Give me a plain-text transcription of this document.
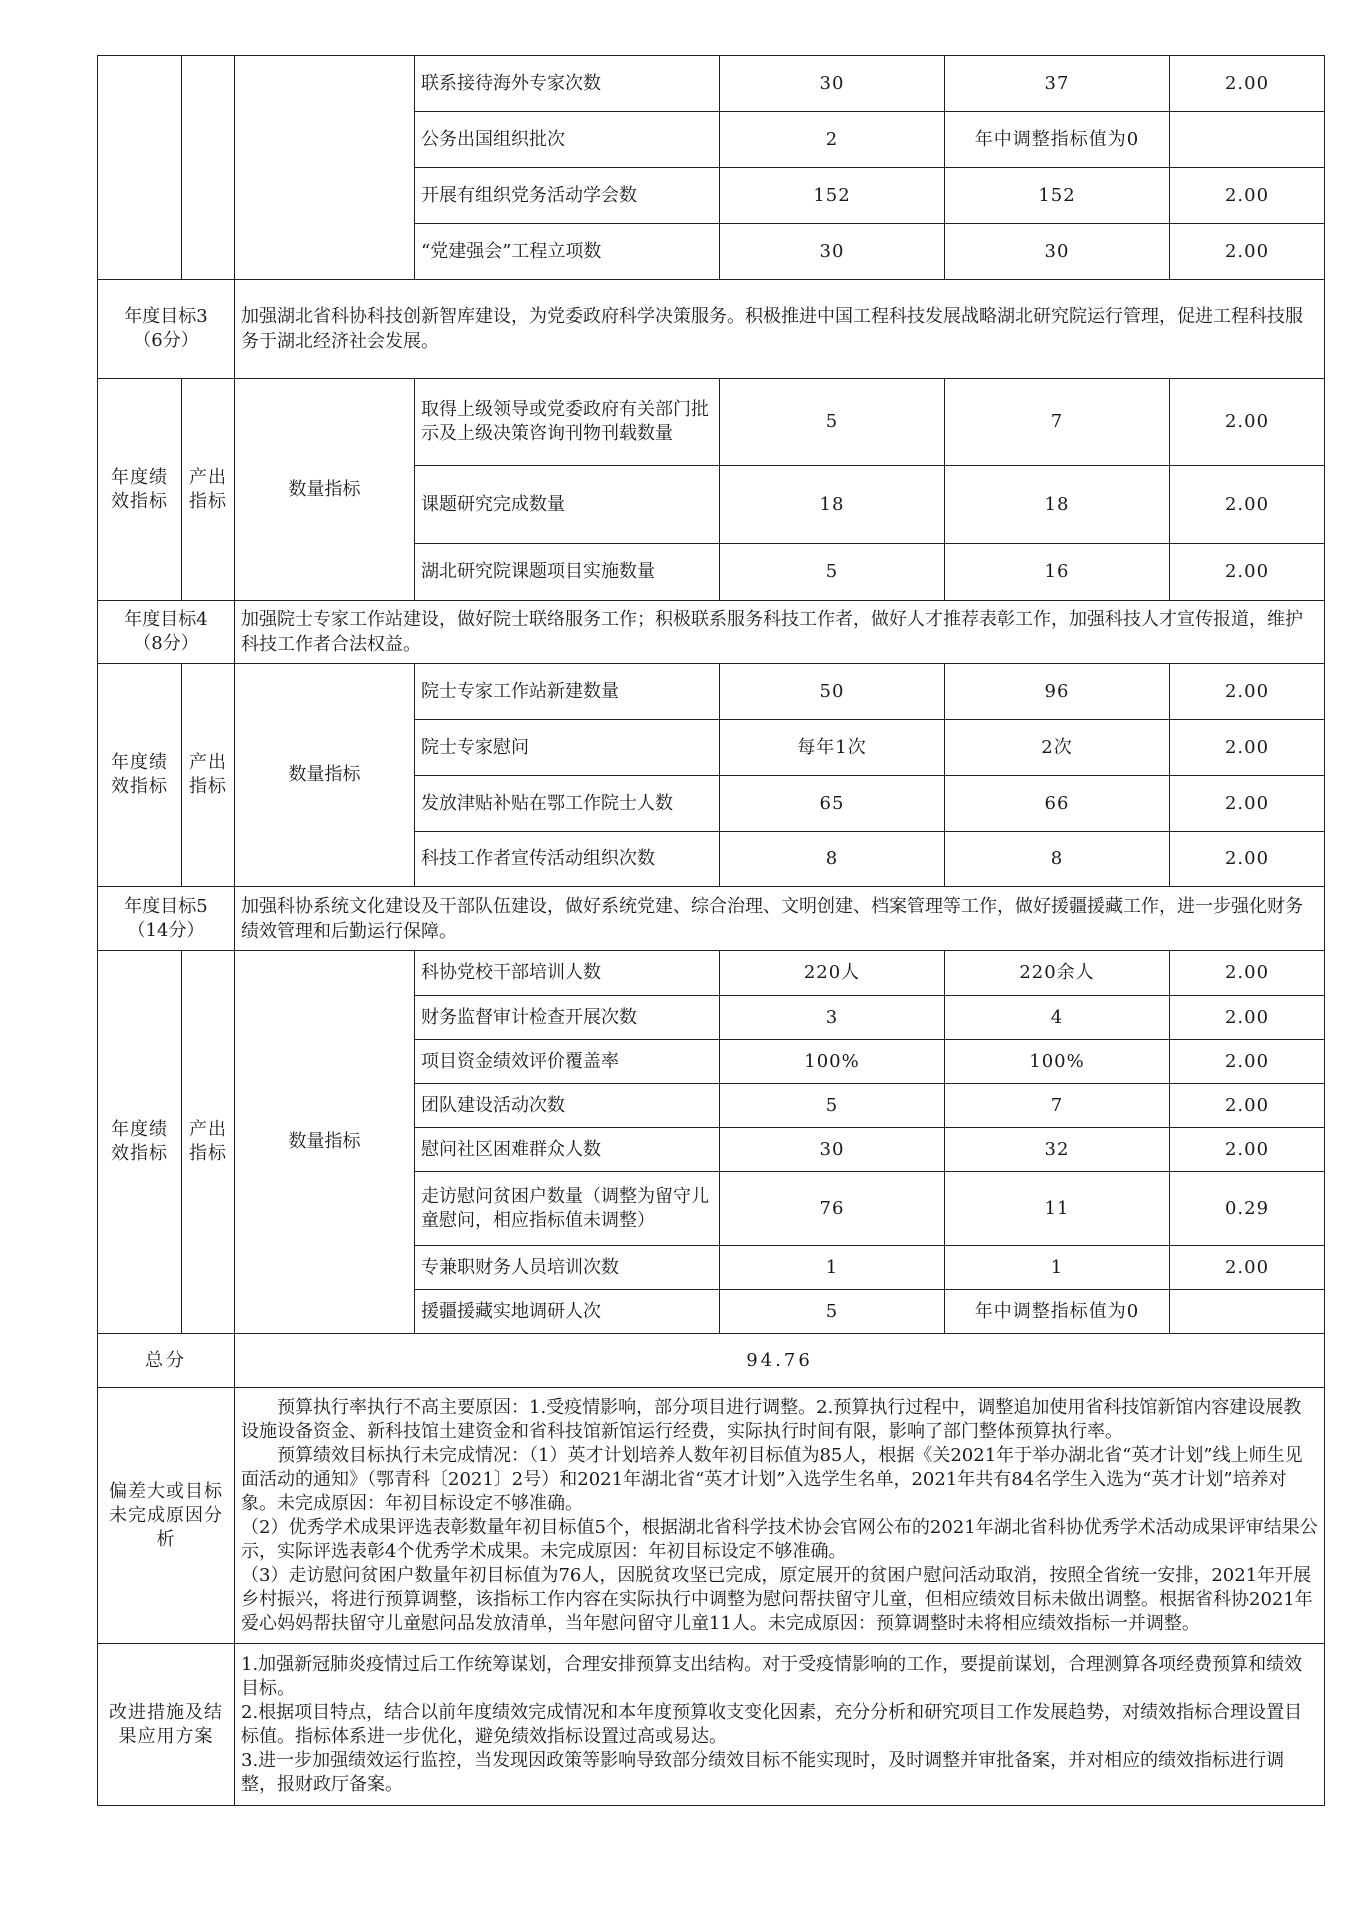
			联系接待海外专家次数	30	37	2.00
			公务出国组织批次	2	年中调整指标值为0	
			开展有组织党务活动学会数	152	152	2.00
			“党建强会”工程立项数	30	30	2.00

年度目标3
（6分）		加强湖北省科协科技创新智库建设，为党委政府科学决策服务。积极推进中国工程科技发展战略湖北研究院运行管理，促进工程科技服务于湖北经济社会发展。				
年度绩效指标	产出指标	数量指标	取得上级领导或党委政府有关部门批示及上级决策咨询刊物刊载数量	5	7	2.00
			课题研究完成数量	18	18	2.00
			湖北研究院课题项目实施数量	5	16	2.00

年度目标4
（8分）		加强院士专家工作站建设，做好院士联络服务工作；积极联系服务科技工作者，做好人才推荐表彰工作，加强科技人才宣传报道，维护科技工作者合法权益。				
年度绩效指标	产出指标	数量指标	院士专家工作站新建数量	50	96	2.00
			院士专家慰问	每年1次	2次	2.00
			发放津贴补贴在鄂工作院士人数	65	66	2.00
			科技工作者宣传活动组织次数	8	8	2.00

年度目标5
（14分）		加强科协系统文化建设及干部队伍建设，做好系统党建、综合治理、文明创建、档案管理等工作，做好援疆援藏工作，进一步强化财务绩效管理和后勤运行保障。				
年度绩效指标	产出指标	数量指标	科协党校干部培训人数	220人	220余人	2.00
			财务监督审计检查开展次数	3	4	2.00
			项目资金绩效评价覆盖率	100%	100%	2.00
			团队建设活动次数	5	7	2.00
			慰问社区困难群众人数	30	32	2.00
			走访慰问贫困户数量（调整为留守儿童慰问，相应指标值未调整）	76	11	0.29
			专兼职财务人员培训次数	1	1	2.00
			援疆援藏实地调研人次	5	年中调整指标值为0	
总分		94.76				
偏差大或目标未完成原因分析		　　预算执行率执行不高主要原因：1.受疫情影响，部分项目进行调整。2.预算执行过程中，调整追加使用省科技馆新馆内容建设展教设施设备资金、新科技馆土建资金和省科技馆新馆运行经费，实际执行时间有限，影响了部门整体预算执行率。

　　预算绩效目标执行未完成情况：（1）英才计划培养人数年初目标值为85人，根据《关2021年于举办湖北省“英才计划”线上师生见面活动的通知》（鄂青科〔2021〕2号）和2021年湖北省“英才计划”入选学生名单，2021年共有84名学生入选为“英才计划”培养对象。未完成原因：年初目标设定不够准确。

（2）优秀学术成果评选表彰数量年初目标值5个，根据湖北省科学技术协会官网公布的2021年湖北省科协优秀学术活动成果评审结果公示，实际评选表彰4个优秀学术成果。未完成原因：年初目标设定不够准确。

（3）走访慰问贫困户数量年初目标值为76人，因脱贫攻坚已完成，原定展开的贫困户慰问活动取消，按照全省统一安排，2021年开展乡村振兴，将进行预算调整，该指标工作内容在实际执行中调整为慰问帮扶留守儿童，但相应绩效目标未做出调整。根据省科协2021年爱心妈妈帮扶留守儿童慰问品发放清单，当年慰问留守儿童11人。未完成原因：预算调整时未将相应绩效指标一并调整。				

改进措施及结果应用方案		1.加强新冠肺炎疫情过后工作统筹谋划，合理安排预算支出结构。对于受疫情影响的工作，要提前谋划，合理测算各项经费预算和绩效目标。

2.根据项目特点，结合以前年度绩效完成情况和本年度预算收支变化因素，充分分析和研究项目工作发展趋势，对绩效指标合理设置目标值。指标体系进一步优化，避免绩效指标设置过高或易达。

3.进一步加强绩效运行监控，当发现因政策等影响导致部分绩效目标不能实现时，及时调整并审批备案，并对相应的绩效指标进行调整，报财政厅备案。				
